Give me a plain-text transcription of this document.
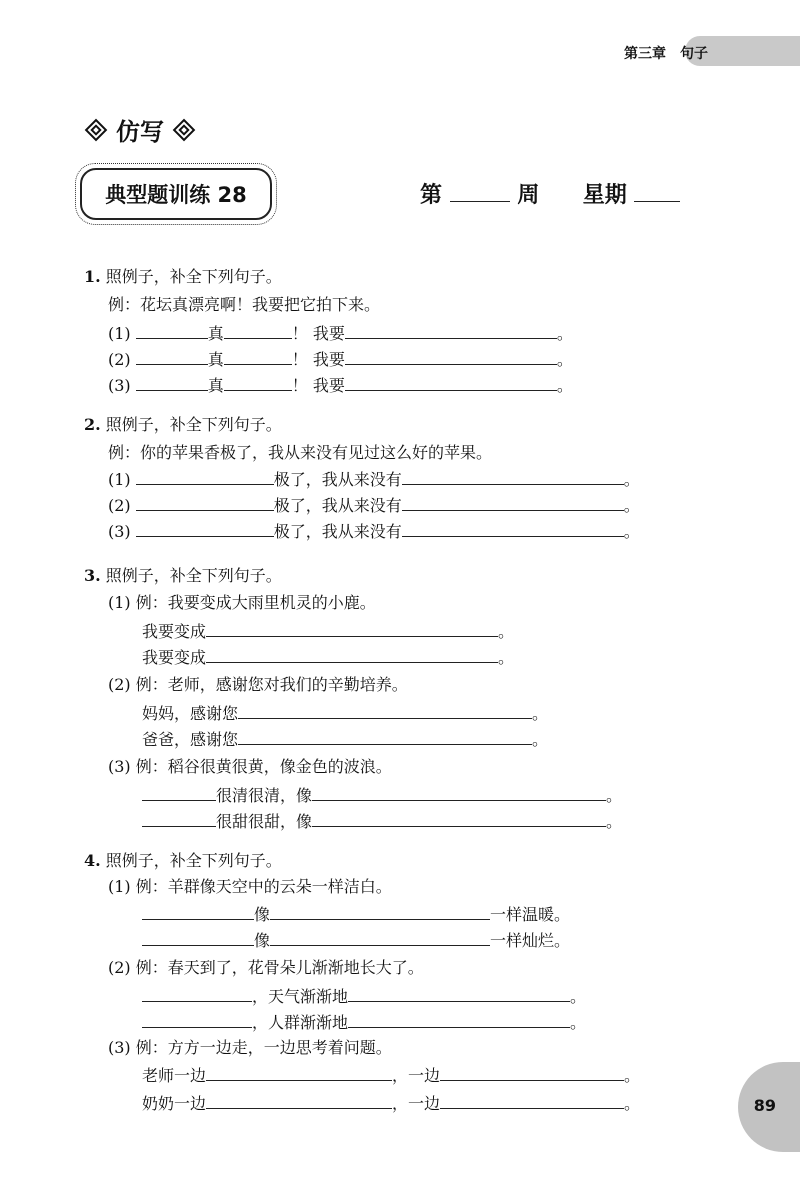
第三章　句子
仿写
典型题训练 28	第	周 星期
1. 照例子，补全下列句子。
例：花坛真漂亮啊！我要把它拍下来。
(1)	真	！ 我要	。
(2)	真	！ 我要	。
(3)	真	！ 我要	。
2. 照例子，补全下列句子。
例：你的苹果香极了，我从来没有见过这么好的苹果。
(1)	极了，我从来没有	。
(2)	极了，我从来没有	。
(3)	极了，我从来没有	。
3. 照例子，补全下列句子。
(1) 例：我要变成大雨里机灵的小鹿。
我要变成	。
我要变成	。
(2) 例：老师，感谢您对我们的辛勤培养。
妈妈，感谢您	。
爸爸，感谢您	。
(3) 例：稻谷很黄很黄，像金色的波浪。
很清很清，像	。
很甜很甜，像	。
4. 照例子，补全下列句子。
(1) 例：羊群像天空中的云朵一样洁白。
像	一样温暖。
像	一样灿烂。
(2) 例：春天到了，花骨朵儿渐渐地长大了。
，天气渐渐地	。
，人群渐渐地	。
(3) 例：方方一边走，一边思考着问题。
老师一边	，一边	。
奶奶一边	，一边	。	89
